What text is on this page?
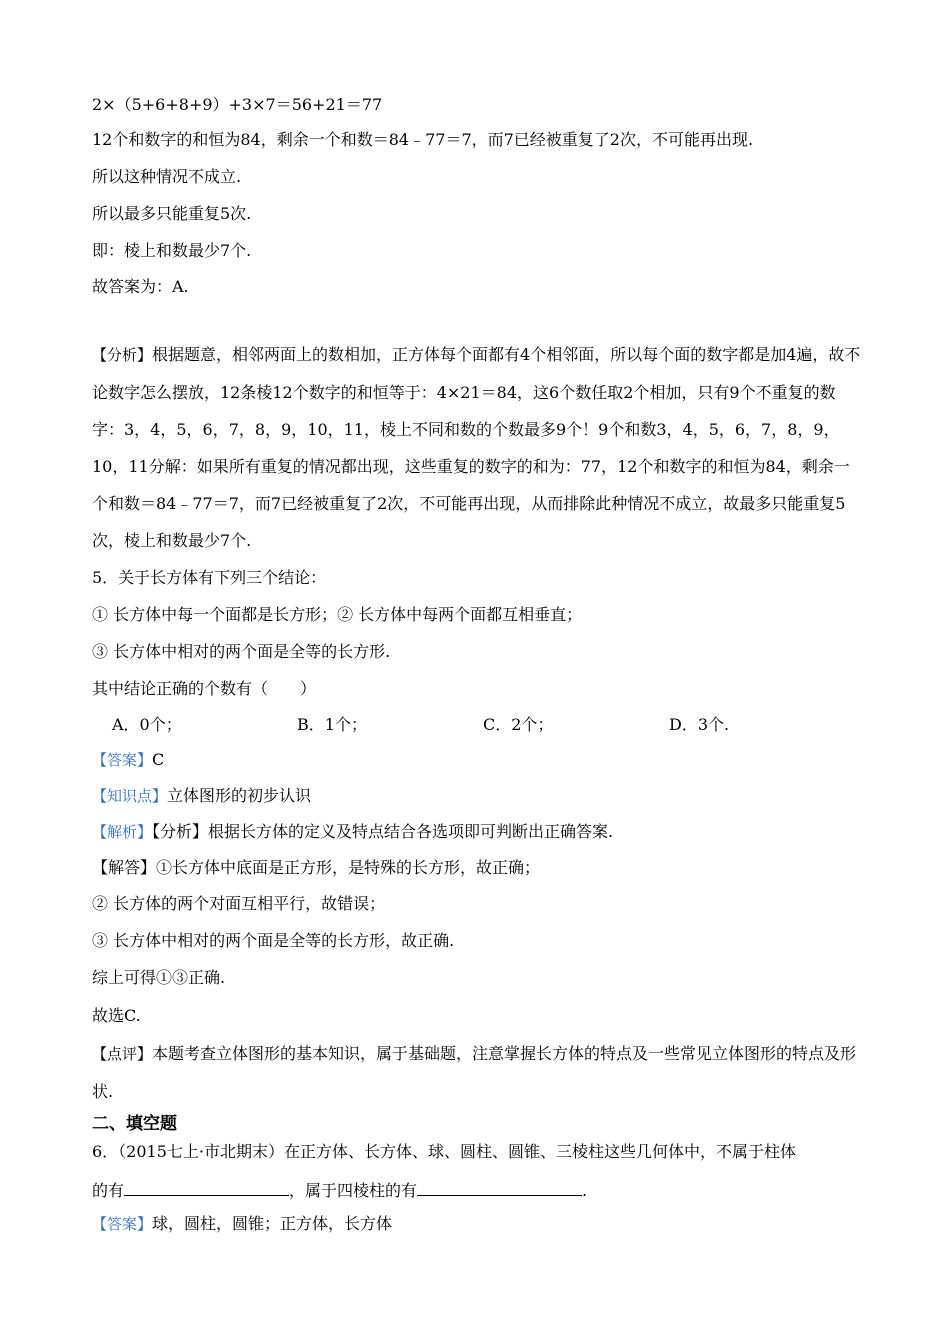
2×（5+6+8+9）+3×7＝56+21＝77
12个和数字的和恒为84，剩余一个和数＝84﹣77＝7，而7已经被重复了2次，不可能再出现.
所以这种情况不成立.
所以最多只能重复5次.
即：棱上和数最少7个.
故答案为：A.
【分析】根据题意，相邻两面上的数相加，正方体每个面都有4个相邻面，所以每个面的数字都是加4遍，故不论数字怎么摆放，12条棱12个数字的和恒等于：4×21＝84，这6个数任取2个相加，只有9个不重复的数字：3，4，5，6，7，8，9，10，11，棱上不同和数的个数最多9个！9个和数3，4，5，6，7，8，9，10，11分解：如果所有重复的情况都出现，这些重复的数字的和为：77，12个和数字的和恒为84，剩余一个和数＝84﹣77＝7，而7已经被重复了2次，不可能再出现，从而排除此种情况不成立，故最多只能重复5次，棱上和数最少7个.
5．关于长方体有下列三个结论：
① 长方体中每一个面都是长方形；② 长方体中每两个面都互相垂直；
③ 长方体中相对的两个面是全等的长方形.
其中结论正确的个数有（　　）
A．0个；	B．1个；	C．2个；	D．3个.
【答案】C
【知识点】立体图形的初步认识
【解析】【分析】根据长方体的定义及特点结合各选项即可判断出正确答案.
【解答】①长方体中底面是正方形，是特殊的长方形，故正确；
② 长方体的两个对面互相平行，故错误；
③ 长方体中相对的两个面是全等的长方形，故正确.
综上可得①③正确.
故选C.
【点评】本题考查立体图形的基本知识，属于基础题，注意掌握长方体的特点及一些常见立体图形的特点及形状.
二、填空题
6．（2015七上·市北期末）在正方体、长方体、球、圆柱、圆锥、三棱柱这些几何体中，不属于柱体
的有	，属于四棱柱的有	.
【答案】球，圆柱，圆锥；正方体，长方体
